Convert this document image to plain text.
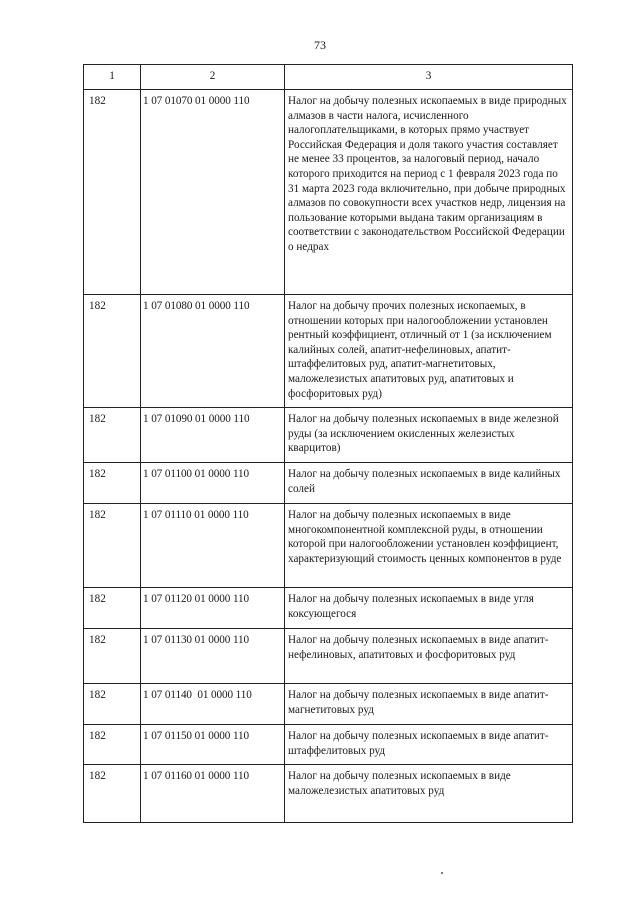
73
1	2	3
182	1 07 01070 01 0000 110	Налог на добычу полезных ископаемых в виде природных алмазов в части налога, исчисленного налогоплательщиками, в которых прямо участвует Российская Федерация и доля такого участия составляет не менее 33 процентов, за налоговый период, начало которого приходится на период с 1 февраля 2023 года по 31 марта 2023 года включительно, при добыче природных алмазов по совокупности всех участков недр, лицензия на пользование которыми выдана таким организациям в соответствии с законодательством Российской Федерации о недрах
182	1 07 01080 01 0000 110	Налог на добычу прочих полезных ископаемых, в отношении которых при налогообложении установлен рентный коэффициент, отличный от 1 (за исключением калийных солей, апатит-нефелиновых, апатит-штаффелитовых руд, апатит-магнетитовых, маложелезистых апатитовых руд, апатитовых и фосфоритовых руд)
182	1 07 01090 01 0000 110	Налог на добычу полезных ископаемых в виде железной руды (за исключением окисленных железистых кварцитов)
182	1 07 01100 01 0000 110	Налог на добычу полезных ископаемых в виде калийных солей
182	1 07 01110 01 0000 110	Налог на добычу полезных ископаемых в виде многокомпонентной комплексной руды, в отношении которой при налогообложении установлен коэффициент, характеризующий стоимость ценных компонентов в руде
182	1 07 01120 01 0000 110	Налог на добычу полезных ископаемых в виде угля коксующегося
182	1 07 01130 01 0000 110	Налог на добычу полезных ископаемых в виде апатит-нефелиновых, апатитовых и фосфоритовых руд
182	1 07 01140  01 0000 110	Налог на добычу полезных ископаемых в виде апатит-магнетитовых руд
182	1 07 01150 01 0000 110	Налог на добычу полезных ископаемых в виде апатит-штаффелитовых руд
182	1 07 01160 01 0000 110	Налог на добычу полезных ископаемых в виде маложелезистых апатитовых руд
